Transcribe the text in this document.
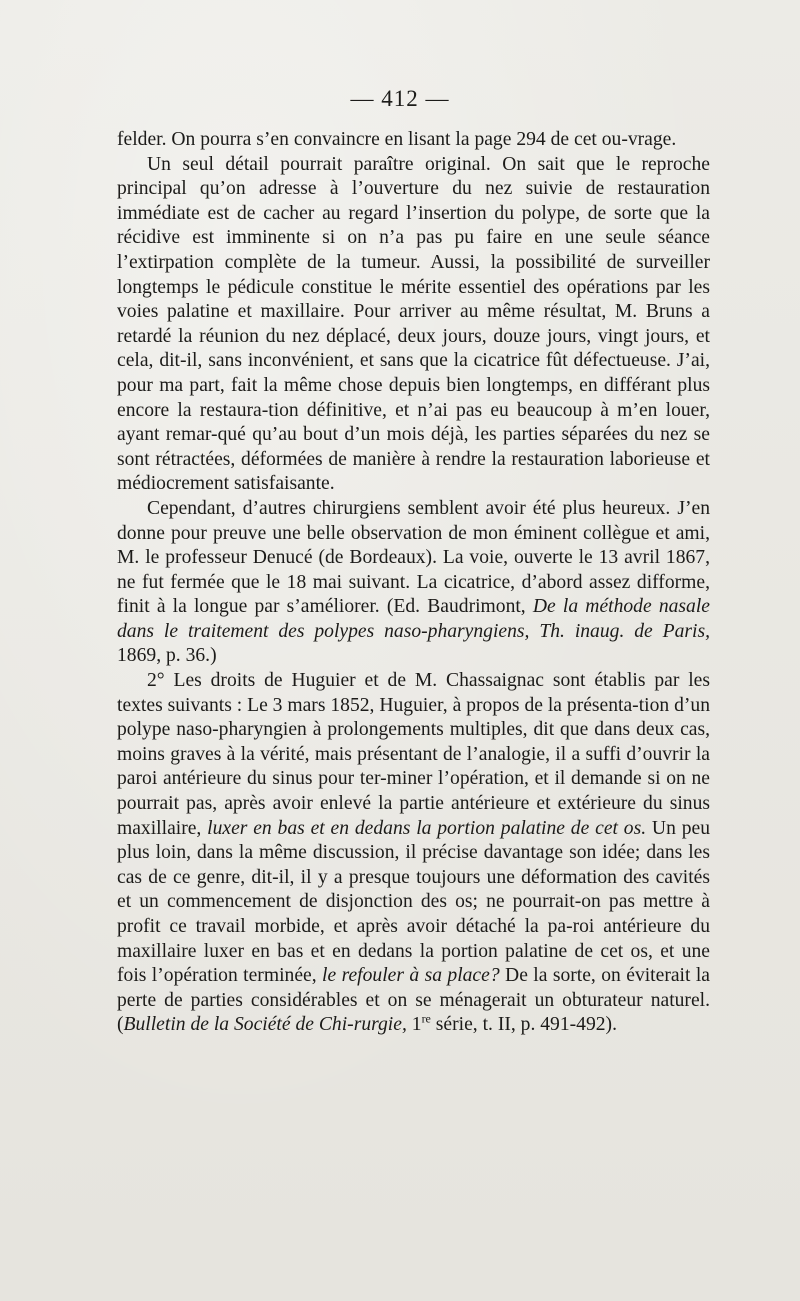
— 412 —

felder. On pourra s’en convaincre en lisant la page 294 de cet ou-vrage.

Un seul détail pourrait paraître original. On sait que le reproche principal qu’on adresse à l’ouverture du nez suivie de restauration immédiate est de cacher au regard l’insertion du polype, de sorte que la récidive est imminente si on n’a pas pu faire en une seule séance l’extirpation complète de la tumeur. Aussi, la possibilité de surveiller longtemps le pédicule constitue le mérite essentiel des opérations par les voies palatine et maxillaire. Pour arriver au même résultat, M. Bruns a retardé la réunion du nez déplacé, deux jours, douze jours, vingt jours, et cela, dit-il, sans inconvénient, et sans que la cicatrice fût défectueuse. J’ai, pour ma part, fait la même chose depuis bien longtemps, en différant plus encore la restaura-tion définitive, et n’ai pas eu beaucoup à m’en louer, ayant remar-qué qu’au bout d’un mois déjà, les parties séparées du nez se sont rétractées, déformées de manière à rendre la restauration laborieuse et médiocrement satisfaisante.

Cependant, d’autres chirurgiens semblent avoir été plus heureux. J’en donne pour preuve une belle observation de mon éminent collègue et ami, M. le professeur Denucé (de Bordeaux). La voie, ouverte le 13 avril 1867, ne fut fermée que le 18 mai suivant. La cicatrice, d’abord assez difforme, finit à la longue par s’améliorer. (Ed. Baudrimont, De la méthode nasale dans le traitement des polypes naso-pharyngiens, Th. inaug. de Paris, 1869, p. 36.)

2° Les droits de Huguier et de M. Chassaignac sont établis par les textes suivants : Le 3 mars 1852, Huguier, à propos de la présenta-tion d’un polype naso-pharyngien à prolongements multiples, dit que dans deux cas, moins graves à la vérité, mais présentant de l’analogie, il a suffi d’ouvrir la paroi antérieure du sinus pour ter-miner l’opération, et il demande si on ne pourrait pas, après avoir enlevé la partie antérieure et extérieure du sinus maxillaire, luxer en bas et en dedans la portion palatine de cet os. Un peu plus loin, dans la même discussion, il précise davantage son idée; dans les cas de ce genre, dit-il, il y a presque toujours une déformation des cavités et un commencement de disjonction des os; ne pourrait-on pas mettre à profit ce travail morbide, et après avoir détaché la pa-roi antérieure du maxillaire luxer en bas et en dedans la portion palatine de cet os, et une fois l’opération terminée, le refouler à sa place? De la sorte, on éviterait la perte de parties considérables et on se ménagerait un obturateur naturel. (Bulletin de la Société de Chi-rurgie, 1re série, t. II, p. 491-492).
